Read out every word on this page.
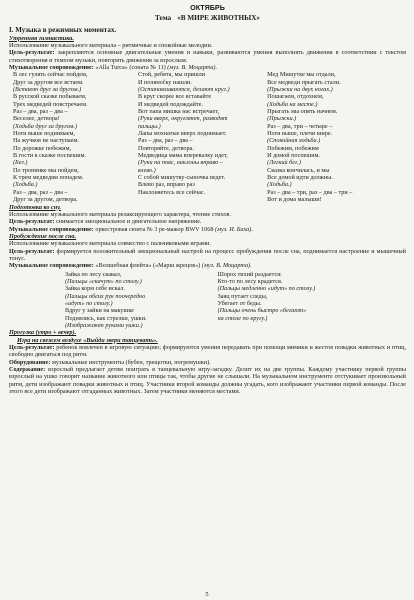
ОКТЯБРЬ
Тема «В МИРЕ ЖИВОТНЫХ»
I. Музыка в режимных моментах.

Утренняя гимнастика.

Использование музыкального материала – ритмичные и спокойные мелодии.

Цель-результат: закрепляются основные двигательные умения и навыки, развиваются умения выполнять движения в соответствии с текстом стихотворения и темпом музыки, повторять движения за взрослым.

Музыкальное сопровождение: «Alla Turca» (соната № 11) (муз. В. Моцарта).

В лес гулять сейчас пойдем,
Друг за другом все встаем.
(Встают друг за другом.)
В русской сказке побываем,
Трех медведей повстречаем.
Раз – два, раз – два –
Веселее, детвора!
(Ходьба друг за другом.)
Ноги выше поднимаем,
На жучков не наступаем.
По дорожке побежим,
В гости к сказке поспешим.
(Бег.)
По тропинке мы пойдем,
К трем медведям попадем.
(Ходьба.)
Раз – два, раз – два –
Друг за другом, детвора.
Стой, ребята, мы пришли
И полянočку нашли.
(Останавливаются, делают круг.)
В круг скорее все вставайте
И медведей подождайте.
Вот папа мишка нас встречает,
(Руки вверх, округляют, разводят
пальцы.)
Лапы мохнатые вверх поднимает.
Раз – два, раз – два –
Повторяйте, детвора.
Медведица мама вперевалку идет,
(Руки на пояс, наклоны вправо –
влево.)
С собой мишутку-сыночка ведет.
Влево раз, вправо раз
Наклоняетесь все сейчас.
Мед Мишутке мы отдали,
Все медведи прыгать стали.
(Прыжки на двух ногах.)
Пошагаем, отдохнем,
(Ходьба на месте.)
Прыгать мы опять начнем.
(Прыжки.)
Раз – два, три – четыре –
Ноги выше, плечи шире.
(Спокойная ходьба.)
Побежим, побежим
И домой поспешим.
(Легкий бег.)
Сказка кончилась, и мы
Все домой идти должны.
(Ходьба.)
Раз – два – три, раз – два – три –
Вот и дома малыши!

Подготовка ко сну.

Использование музыкального материала релаксирующего характера, чтение стихов.

Цель-результат: снимается эмоциональное и двигательное напряжение.

Музыкальное сопровождение: оркестровая сюита № 3 ре-мажор BWV 1068 (муз. И. Баха).

Пробуждение после сна.

Использование музыкального материала совместно с пальчиковыми играми.

Цель-результат: формируется положительный эмоциональный настрой на процесс пробуждения после сна, поднимается настроение и мышечный тонус.

Музыкальное сопровождение: «Волшебная флейта» («Марш жрецов») (муз. В. Моцарта).

Зайка по лесу скакал,
(Пальцы «скачут» по столу.)
Зайка корм себе искал.
(Пальцы обеих рук поочередно
«идут» по столу.)
Вдруг у зайки на макушке
Поднялись, как стрелки, ушки.
(Изображают руками ушки.)
Шорох тихий раздается:
Кто-то по лесу крадется.
(Пальцы медленно «идут» по столу.)
Заяц путает следы,
Убегает от беды.
(Пальцы очень быстро «бегают»
на столе по кругу.)

Прогулка (утро + вечер).

Игра на свежем воздухе «Выйди звери танцевать».

Цель-результат: ребенок вовлечен в игровую ситуацию; формируются умения передавать при помощи мимики и жестов повадки животных и птиц, свободно двигаться под ритм.

Оборудование: музыкальные инструменты (бубен, трещотки, погремушки).

Содержание: взрослый предлагает детям поиграть в танцевальную игру-загадку. Делит их на две группы. Каждому участнику первой группы взрослый на ушко говорит название животного или птицы так, чтобы другие не слышали. На музыкальном инструменте отстукивает произвольный ритм, дети изображают повадки животных и птиц. Участники второй команды должны угадать, кого изображают участники первой команды. После этого все дети изображают отгаданных животных. Затем участники меняются местами.

5
